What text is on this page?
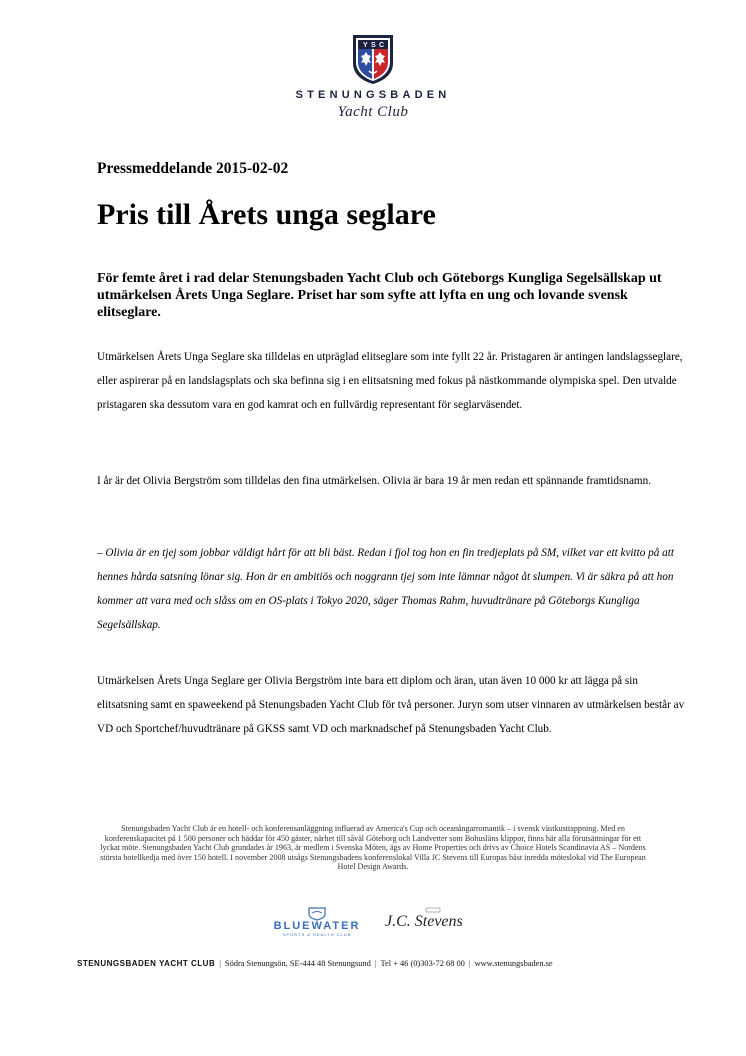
Y S C
STENUNGSBADEN
Yacht Club
Pressmeddelande 2015-02-02
Pris till Årets unga seglare

För femte året i rad delar Stenungsbaden Yacht Club och Göteborgs Kungliga Segelsällskap ut utmärkelsen Årets Unga Seglare. Priset har som syfte att lyfta en ung och lovande svensk elitseglare.

Utmärkelsen Årets Unga Seglare ska tilldelas en utpräglad elitseglare som inte fyllt 22 år. Pristagaren är antingen landslagsseglare, eller aspirerar på en landslagsplats och ska befinna sig i en elitsatsning med fokus på nästkommande olympiska spel. Den utvalde pristagaren ska dessutom vara en god kamrat och en fullvärdig representant för seglarväsendet.

I år är det Olivia Bergström som tilldelas den fina utmärkelsen. Olivia är bara 19 år men redan ett spännande framtidsnamn.

– Olivia är en tjej som jobbar väldigt hårt för att bli bäst. Redan i fjol tog hon en fin tredjeplats på SM, vilket var ett kvitto på att hennes hårda satsning lönar sig. Hon är en ambitiös och noggrann tjej som inte lämnar något åt slumpen. Vi är säkra på att hon kommer att vara med och slåss om en OS-plats i Tokyo 2020, säger Thomas Rahm, huvudtränare på Göteborgs Kungliga Segelsällskap.

Utmärkelsen Årets Unga Seglare ger Olivia Bergström inte bara ett diplom och äran, utan även 10 000 kr att lägga på sin elitsatsning samt en spaweekend på Stenungsbaden Yacht Club för två personer. Juryn som utser vinnaren av utmärkelsen består av VD och Sportchef/huvudtränare på GKSS samt VD och marknadschef på Stenungsbaden Yacht Club.

Stenungsbaden Yacht Club är en hotell- och konferensanläggning influerad av America's Cup och oceanångarromantik – i svensk västkusttappning. Med en konferenskapacitet på 1 500 personer och bäddar för 450 gäster, närhet till såväl Göteborg och Landvetter som Bohusläns klippor, finns här alla förutsättningar för ett lyckat möte. Stenungsbaden Yacht Club grundades år 1963, är medlem i Svenska Möten, ägs av Home Properties och drivs av Choice Hotels Scandinavia AS – Nordens största hotellkedja med över 150 hotell. I november 2008 utsågs Stenungsbadens konferenslokal Villa JC Stevens till Europas bäst inredda möteslokal vid The European Hotel Design Awards.

BLUEWATER
SPORTS & HEALTH CLUB
J.C. Stevens
STENUNGSBADEN YACHT CLUB | Södra Stenungsön, SE-444 48 Stenungsund | Tel + 46 (0)303-72 68 00 | www.stenungsbaden.se
